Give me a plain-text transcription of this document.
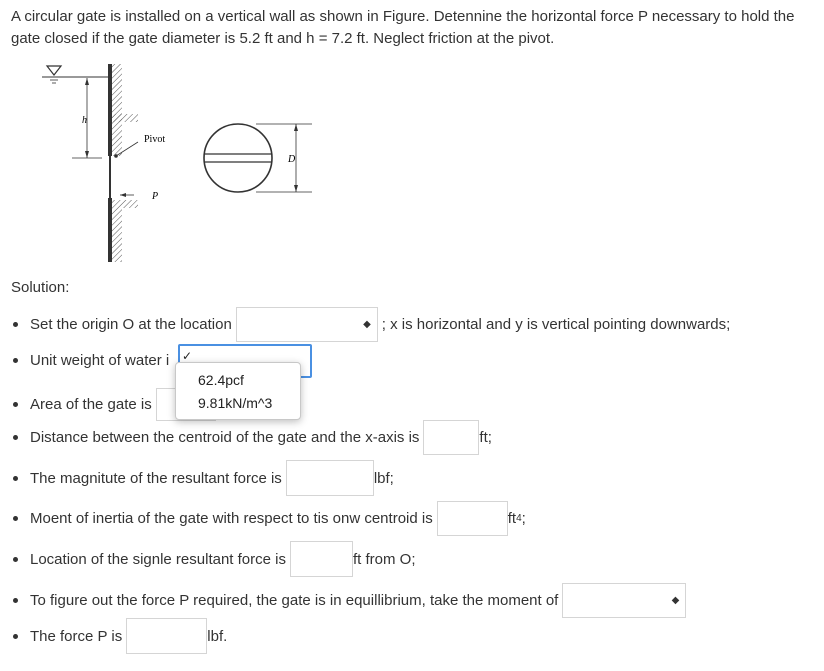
A circular gate is installed on a vertical wall as shown in Figure. Detennine the horizontal force P necessary to hold the gate closed if the gate diameter is 5.2 ft and h = 7.2 ft. Neglect friction at the pivot.
h
Pivot
P
D
Solution:
Set the origin O at the location	◆ ; x is horizontal and y is vertical pointing downwards;
Unit weight of water i
Area of the gate is
✓
62.4pcf
9.81kN/m^3
Distance between the centroid of the gate and the x-axis is	ft;
The magnitute of the resultant force is	lbf;
Moent of inertia of the gate with respect to tis onw centroid is	ft 4 ;
Location of the signle resultant force is	ft from O;
To figure out the force P required, the gate is in equillibrium, take the moment of	◆
The force P is	lbf.
